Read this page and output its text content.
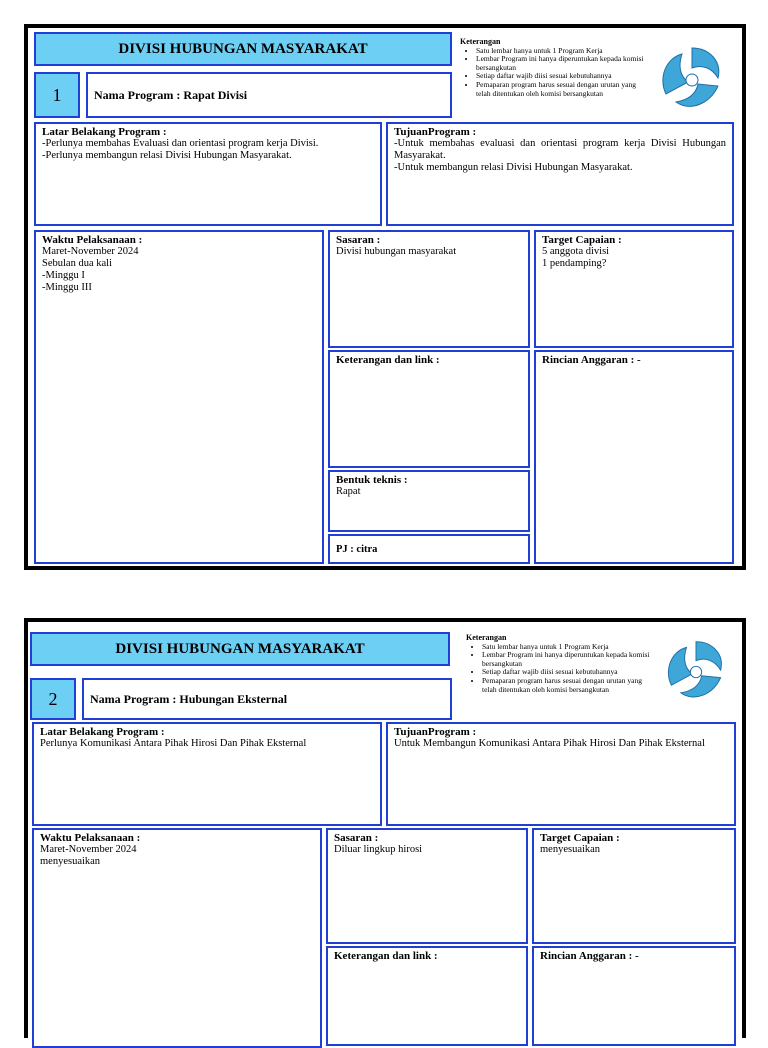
DIVISI HUBUNGAN MASYARAKAT
1	Nama Program : Rapat Divisi
Keterangan
• Satu lembar hanya untuk 1 Program Kerja
• Lembar Program ini hanya diperuntukan kepada komisi bersangkutan
• Setiap daftar wajib diisi sesuai kebutuhannya
• Pemaparan program harus sesuai dengan urutan yang telah ditentukan oleh komisi bersangkutan
Latar Belakang Program :
-Perlunya membahas Evaluasi dan orientasi program kerja Divisi.
-Perlunya membangun relasi Divisi Hubungan Masyarakat.
TujuanProgram :
-Untuk membahas evaluasi dan orientasi program kerja Divisi Hubungan Masyarakat.
-Untuk membangun relasi Divisi Hubungan Masyarakat.
Waktu Pelaksanaan :
Maret-November 2024
Sebulan dua kali
-Minggu I
-Minggu III
Sasaran :
Divisi hubungan masyarakat
Target Capaian :
5 anggota divisi
1 pendamping?
Keterangan dan link :	Rincian Anggaran : -
Bentuk teknis :
Rapat
PJ : citra
DIVISI HUBUNGAN MASYARAKAT
2	Nama Program : Hubungan Eksternal
Keterangan
• Satu lembar hanya untuk 1 Program Kerja
• Lembar Program ini hanya diperuntukan kepada komisi bersangkutan
• Setiap daftar wajib diisi sesuai kebutuhannya
• Pemaparan program harus sesuai dengan urutan yang telah ditentukan oleh komisi bersangkutan
Latar Belakang Program :
Perlunya Komunikasi Antara Pihak Hirosi Dan Pihak Eksternal
TujuanProgram :
Untuk Membangun Komunikasi Antara Pihak Hirosi Dan Pihak Eksternal
Waktu Pelaksanaan :
Maret-November 2024
menyesuaikan
Sasaran :
Diluar lingkup hirosi
Target Capaian :
menyesuaikan
Keterangan dan link :	Rincian Anggaran : -
